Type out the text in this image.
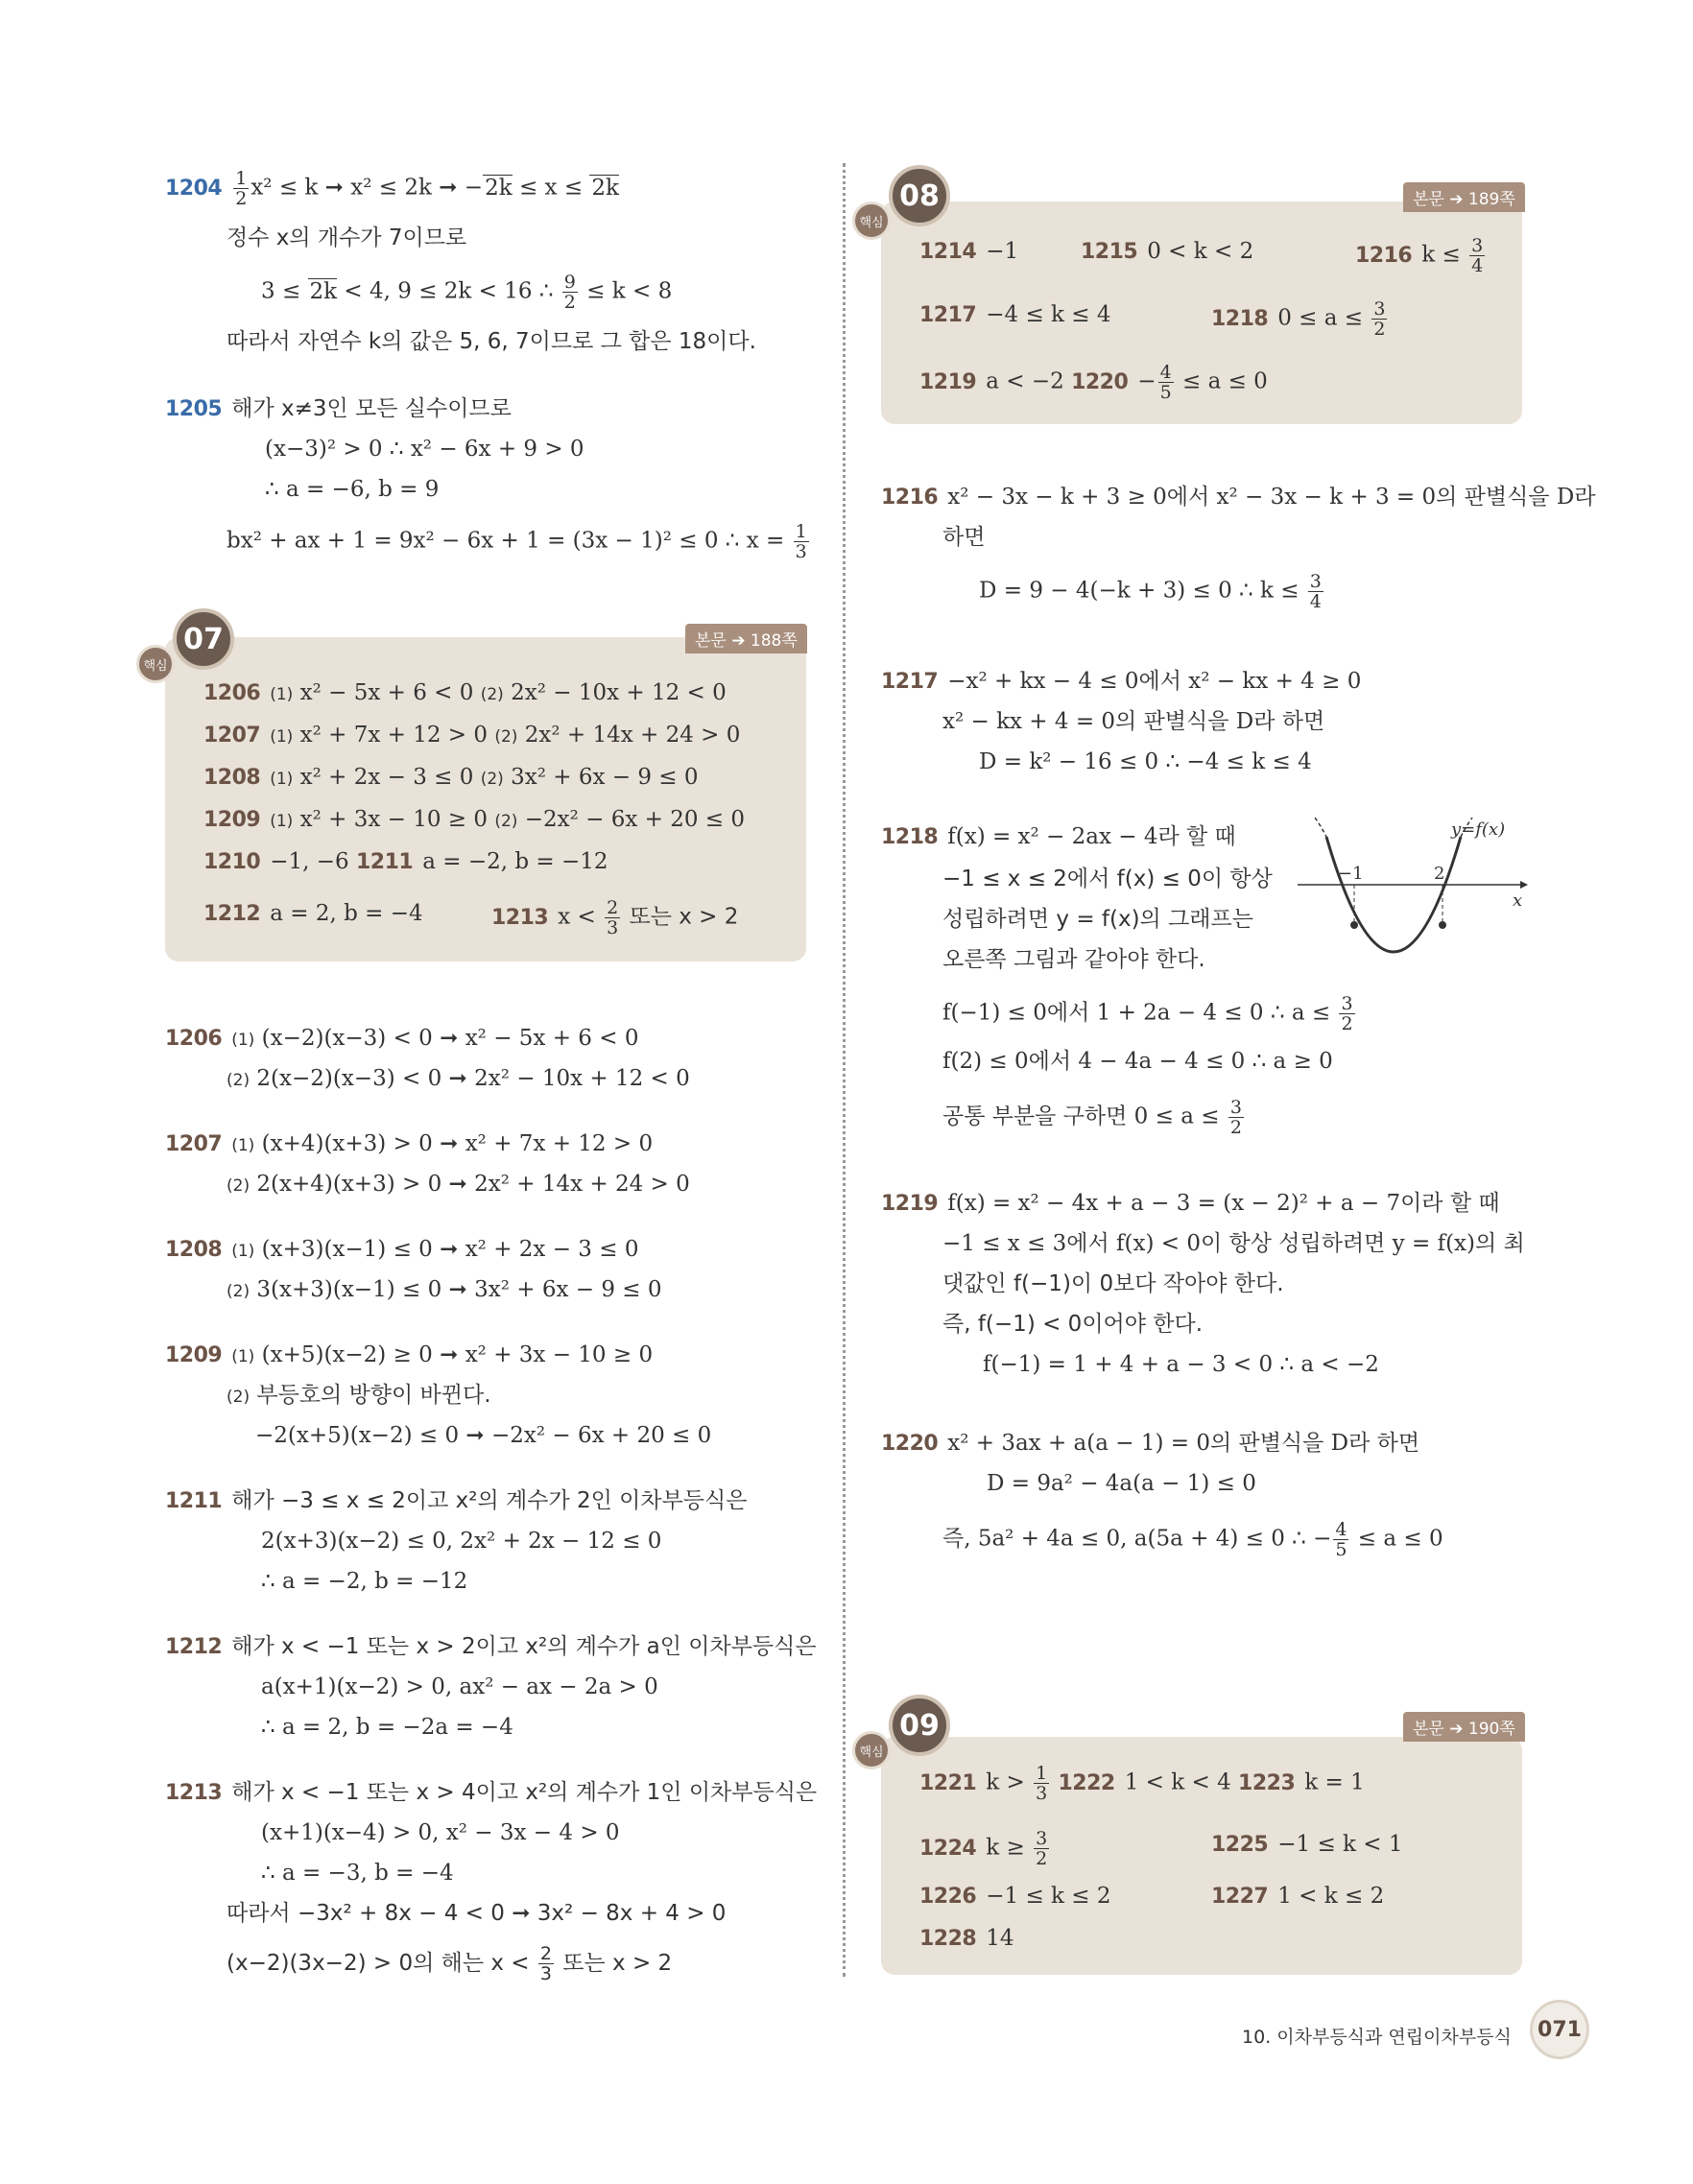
$1204 \frac{1}{2} x^2 \le k$ ➞ x² ≤ 2k ➞ −2k ≤ x ≤ 2k
정수 x의 개수가 7이므로
3 ≤ 2k < 4, 9 ≤ 2k < 16 ∴ $\frac{9}{2} \le k < 8$
따라서 자연수 k의 값은 5, 6, 7이므로 그 합은 18이다.
1205 해가 x≠3인 모든 실수이므로
(x−3)² > 0 ∴ x² − 6x + 9 > 0
∴ a = −6, b = 9
bx² + ax + 1 = 9x² − 6x + 1 = (3x − 1)² ≤ 0 ∴ $x = \frac{1}{3}$
본문 ➔ 188쪽
07
핵심
1206 (1) x² − 5x + 6 < 0 (2) 2x² − 10x + 12 < 0
1207 (1) x² + 7x + 12 > 0 (2) 2x² + 14x + 24 > 0
1208 (1) x² + 2x − 3 ≤ 0 (2) 3x² + 6x − 9 ≤ 0
1209 (1) x² + 3x − 10 ≥ 0 (2) −2x² − 6x + 20 ≤ 0
1210 −1, −6 1211 a = −2, b = −12
1212 a = 2, b = −4	1213 $x < \frac{2}{3}$ 또는 x > 2
1206 (1) (x−2)(x−3) < 0 ➞ x² − 5x + 6 < 0
(2) 2(x−2)(x−3) < 0 ➞ 2x² − 10x + 12 < 0
1207 (1) (x+4)(x+3) > 0 ➞ x² + 7x + 12 > 0
(2) 2(x+4)(x+3) > 0 ➞ 2x² + 14x + 24 > 0
1208 (1) (x+3)(x−1) ≤ 0 ➞ x² + 2x − 3 ≤ 0
(2) 3(x+3)(x−1) ≤ 0 ➞ 3x² + 6x − 9 ≤ 0
1209 (1) (x+5)(x−2) ≥ 0 ➞ x² + 3x − 10 ≥ 0
(2) 부등호의 방향이 바뀐다.
−2(x+5)(x−2) ≤ 0 ➞ −2x² − 6x + 20 ≤ 0
1211 해가 −3 ≤ x ≤ 2이고 x²의 계수가 2인 이차부등식은
2(x+3)(x−2) ≤ 0, 2x² + 2x − 12 ≤ 0
∴ a = −2, b = −12
1212 해가 x < −1 또는 x > 2이고 x²의 계수가 a인 이차부등식은
a(x+1)(x−2) > 0, ax² − ax − 2a > 0
∴ a = 2, b = −2a = −4
1213 해가 x < −1 또는 x > 4이고 x²의 계수가 1인 이차부등식은
(x+1)(x−4) > 0, x² − 3x − 4 > 0
∴ a = −3, b = −4
따라서 −3x² + 8x − 4 < 0 ➞ 3x² − 8x + 4 > 0
(x−2)(3x−2) > 0의 해는 $x < \frac{2}{3}$ 또는 x > 2
본문 ➔ 189쪽
08
핵심
1214 −1	1215 0 < k < 2	1216 $k \le \frac{3}{4}$
1217 −4 ≤ k ≤ 4	1218 $0 \le a \le \frac{3}{2}$
1219 a < −2 $1220 - \frac{4}{5} \le a \le 0$
1216 x² − 3x − k + 3 ≥ 0에서 x² − 3x − k + 3 = 0의 판별식을 D라
하면
D = 9 − 4(−k + 3) ≤ 0 ∴ $k \le \frac{3}{4}$
1217 −x² + kx − 4 ≤ 0에서 x² − kx + 4 ≥ 0
x² − kx + 4 = 0의 판별식을 D라 하면
D = k² − 16 ≤ 0 ∴ −4 ≤ k ≤ 4
1218 f(x) = x² − 2ax − 4라 할 때
−1 ≤ x ≤ 2에서 f(x) ≤ 0이 항상
성립하려면 y = f(x)의 그래프는
오른쪽 그림과 같아야 한다.
f(−1) ≤ 0에서 1 + 2a − 4 ≤ 0 ∴ $a \le \frac{3}{2}$
f(2) ≤ 0에서 4 − 4a − 4 ≤ 0 ∴ a ≥ 0
공통 부분을 구하면 $0 \le a \le \frac{3}{2}$
−1	2
x
y=f(x)
1219 f(x) = x² − 4x + a − 3 = (x − 2)² + a − 7이라 할 때
−1 ≤ x ≤ 3에서 f(x) < 0이 항상 성립하려면 y = f(x)의 최
댓값인 f(−1)이 0보다 작아야 한다.
즉, f(−1) < 0이어야 한다.
f(−1) = 1 + 4 + a − 3 < 0 ∴ a < −2
1220 x² + 3ax + a(a − 1) = 0의 판별식을 D라 하면
D = 9a² − 4a(a − 1) ≤ 0
즉, 5a² + 4a ≤ 0, a(5a + 4) ≤ 0 ∴ − $\frac{4}{5} \le a \le 0$
본문 ➔ 190쪽
09
핵심
1221 $k > \frac{1}{3} 1222$ 1 < k < 4 1223 k = 1
1224 $k \ge \frac{3}{2}$	1225 −1 ≤ k < 1
1226 −1 ≤ k ≤ 2	1227 1 < k ≤ 2
1228 14
10. 이차부등식과 연립이차부등식	071
